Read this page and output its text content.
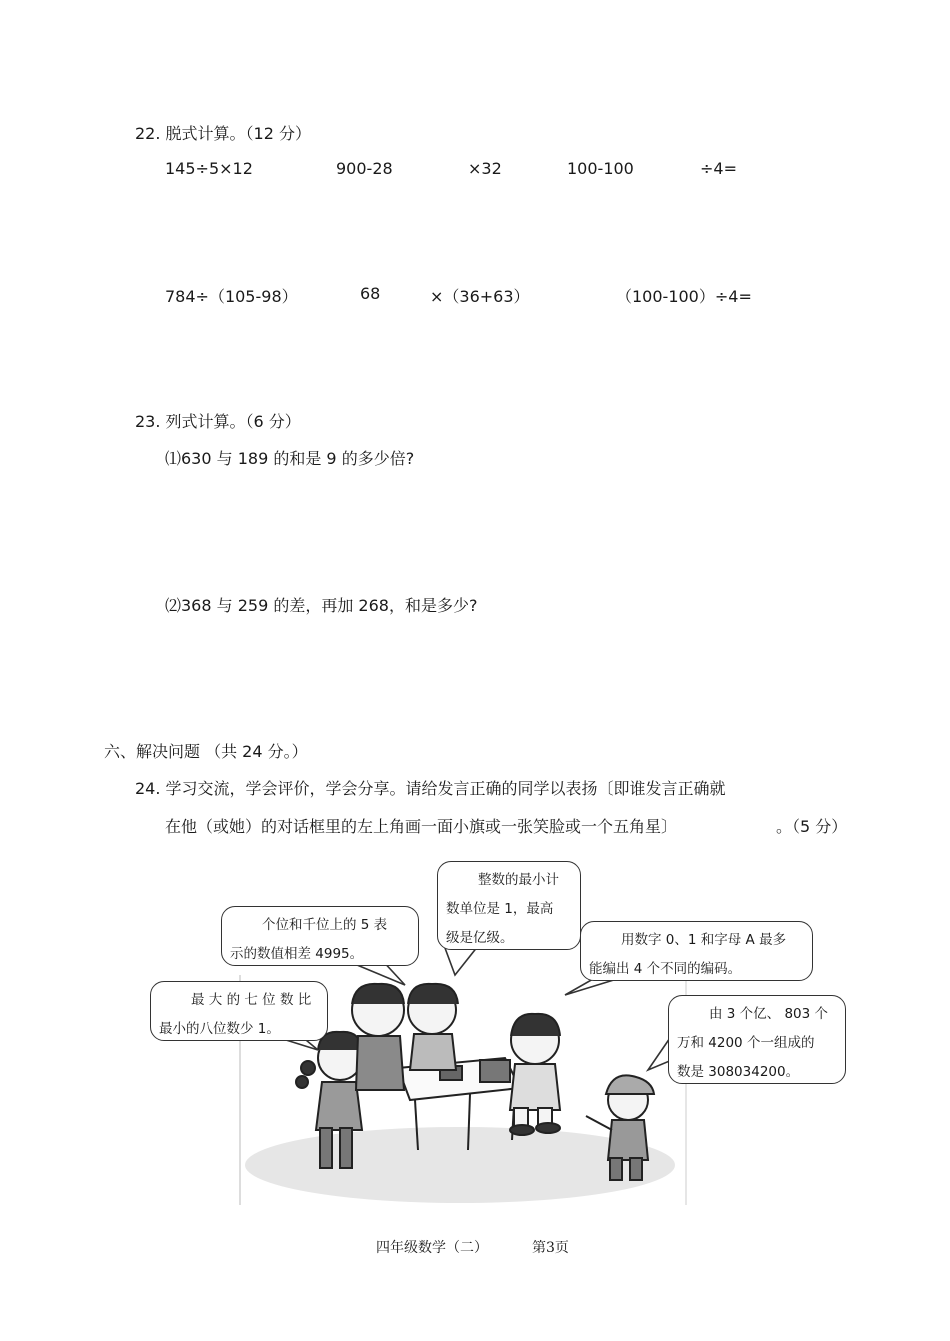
22. 脱式计算。（12 分）
145÷5×12	900-28	×32	100-100	÷4=
784÷（105-98）	68	×（36+63）	（100-100）÷4=
23. 列式计算。（6 分）
⑴630 与 189 的和是 9 的多少倍?
⑵368 与 259 的差，再加 268，和是多少?
六、解决问题 （共 24 分。）
24. 学习交流，学会评价，学会分享。请给发言正确的同学以表扬〔即谁发言正确就
在他（或她）的对话框里的左上角画一面小旗或一张笑脸或一个五角星〕	。（5 分）
个位和千位上的 5 表
示的数值相差 4995。
整数的最小计
数单位是 1，最高
级是亿级。	用数字 0、1 和字母 A 最多
能编出 4 个不同的编码。
最 大 的 七 位 数 比
最小的八位数少 1。
由 3 个亿、 803 个
万和 4200 个一组成的
数是 308034200。
四年级数学（二）	第3页
